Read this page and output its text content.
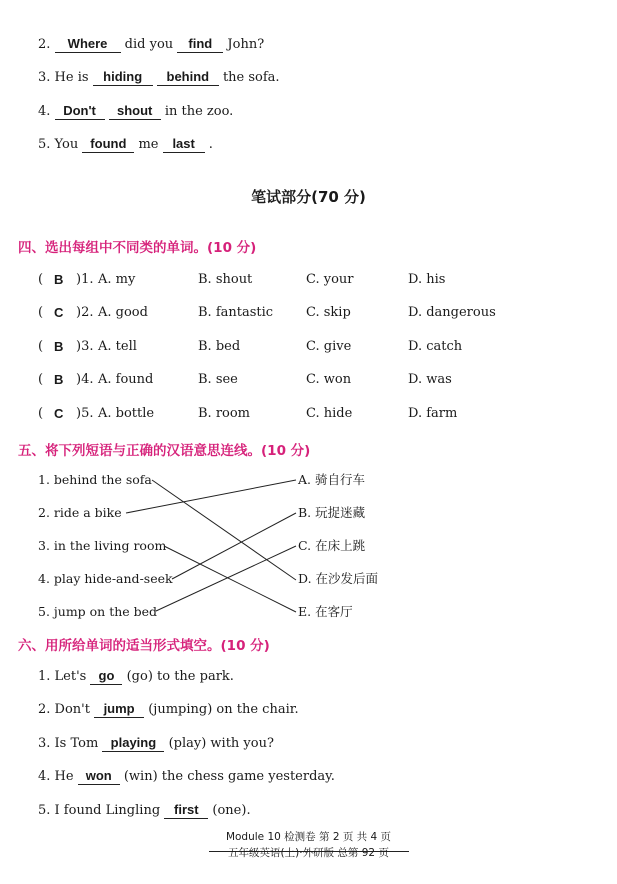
2. Where did you find John?
3. He is hiding behind the sofa.
4. Don't shout in the zoo.
5. You found me last .
笔试部分(70 分)
四、选出每组中不同类的单词。(10 分)
( B )1. A. my	B. shout	C. your	D. his
( C )2. A. good	B. fantastic	C. skip	D. dangerous
( B )3. A. tell	B. bed	C. give	D. catch
( B )4. A. found	B. see	C. won	D. was
( C )5. A. bottle	B. room	C. hide	D. farm
五、将下列短语与正确的汉语意思连线。(10 分)
1. behind the sofa
2. ride a bike
3. in the living room
4. play hide-and-seek
5. jump on the bed
A. 骑自行车
B. 玩捉迷藏
C. 在床上跳
D. 在沙发后面
E. 在客厅
六、用所给单词的适当形式填空。(10 分)
1. Let's go (go) to the park.
2. Don't jump (jumping) on the chair.
3. Is Tom playing (play) with you?
4. He won (win) the chess game yesterday.
5. I found Lingling first (one).
Module 10 检测卷 第 2 页 共 4 页
五年级英语(上)·外研版 总第 92 页
